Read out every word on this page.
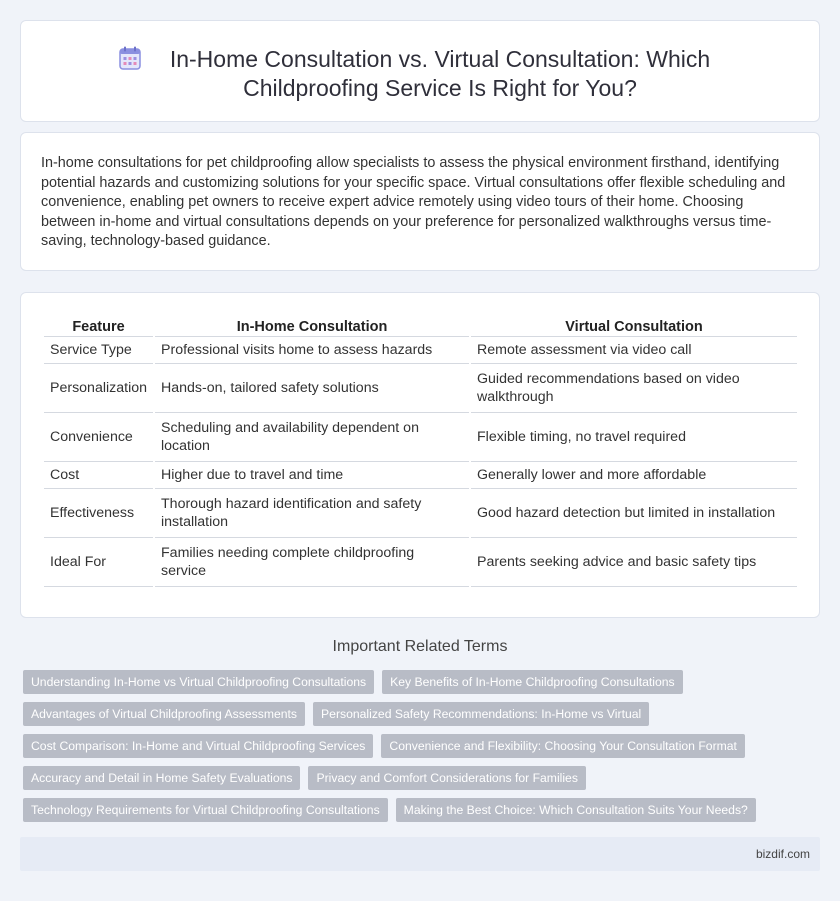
In-Home Consultation vs. Virtual Consultation: Which Childproofing Service Is Right for You?

In-home consultations for pet childproofing allow specialists to assess the physical environment firsthand, identifying potential hazards and customizing solutions for your specific space. Virtual consultations offer flexible scheduling and convenience, enabling pet owners to receive expert advice remotely using video tours of their home. Choosing between in-home and virtual consultations depends on your preference for personalized walkthroughs versus time-saving, technology-based guidance.

Feature	In-Home Consultation	Virtual Consultation
Service Type	Professional visits home to assess hazards	Remote assessment via video call
Personalization	Hands-on, tailored safety solutions	Guided recommendations based on video walkthrough
Convenience	Scheduling and availability dependent on location	Flexible timing, no travel required
Cost	Higher due to travel and time	Generally lower and more affordable
Effectiveness	Thorough hazard identification and safety installation	Good hazard detection but limited in installation
Ideal For	Families needing complete childproofing service	Parents seeking advice and basic safety tips
Important Related Terms
Understanding In-Home vs Virtual Childproofing Consultations	Key Benefits of In-Home Childproofing Consultations
Advantages of Virtual Childproofing Assessments	Personalized Safety Recommendations: In-Home vs Virtual
Cost Comparison: In-Home and Virtual Childproofing Services	Convenience and Flexibility: Choosing Your Consultation Format
Accuracy and Detail in Home Safety Evaluations	Privacy and Comfort Considerations for Families
Technology Requirements for Virtual Childproofing Consultations	Making the Best Choice: Which Consultation Suits Your Needs?
bizdif.com
